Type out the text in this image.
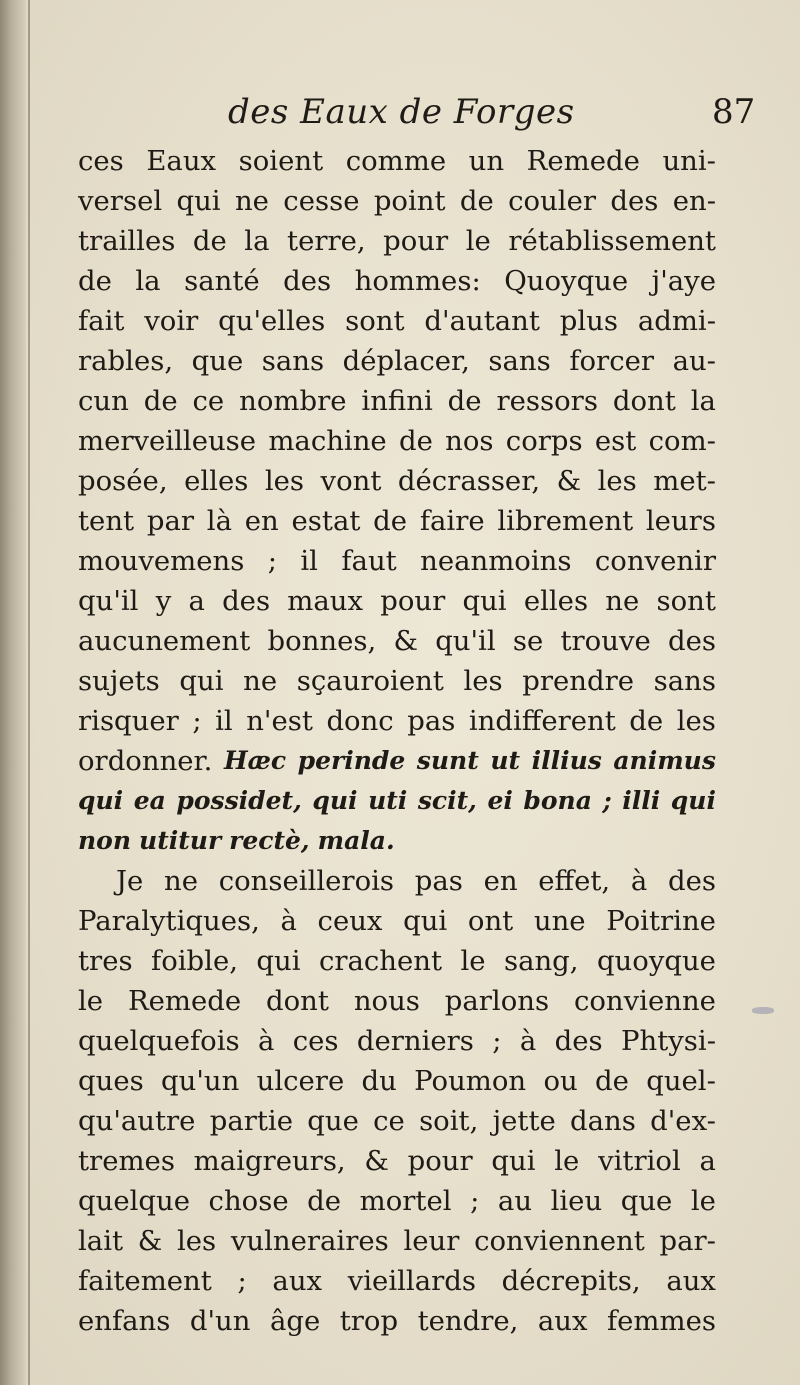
des Eaux de Forges	87
ces Eaux soient comme un Remede uni-
versel qui ne cesse point de couler des en-
trailles de la terre, pour le rétablissement
de la santé des hommes: Quoyque j'aye
fait voir qu'elles sont d'autant plus admi-
rables, que sans déplacer, sans forcer au-
cun de ce nombre infini de ressors dont la
merveilleuse machine de nos corps est com-
posée, elles les vont décrasser, & les met-
tent par là en estat de faire librement leurs
mouvemens ; il faut neanmoins convenir
qu'il y a des maux pour qui elles ne sont
aucunement bonnes, & qu'il se trouve des
sujets qui ne sçauroient les prendre sans
risquer ; il n'est donc pas indifferent de les
ordonner. Hæc perinde sunt ut illius animus
qui ea possidet, qui uti scit, ei bona ; illi qui
non utitur rectè, mala.
Je ne conseillerois pas en effet, à des
Paralytiques, à ceux qui ont une Poitrine
tres foible, qui crachent le sang, quoyque
le Remede dont nous parlons convienne
quelquefois à ces derniers ; à des Phtysi-
ques qu'un ulcere du Poumon ou de quel-
qu'autre partie que ce soit, jette dans d'ex-
tremes maigreurs, & pour qui le vitriol a
quelque chose de mortel ; au lieu que le
lait & les vulneraires leur conviennent par-
faitement ; aux vieillards décrepits, aux
enfans d'un âge trop tendre, aux femmes
